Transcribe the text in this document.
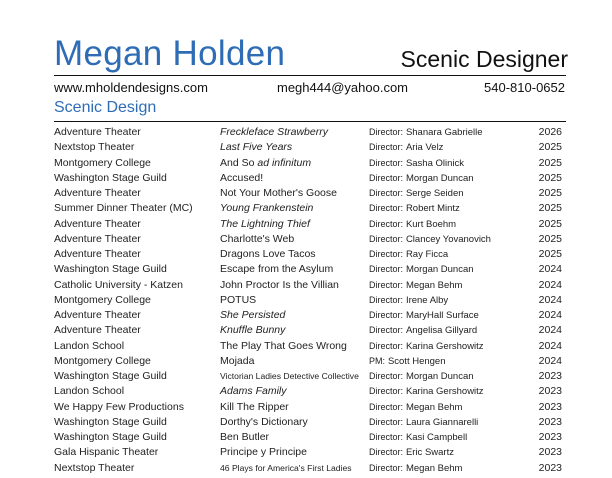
Megan Holden	Scenic Designer
www.mholdendesigns.com	megh444@yahoo.com	540-810-0652
Scenic Design
Adventure Theater	Freckleface Strawberry	Director: Shanara Gabrielle	2026
Nextstop Theater	Last Five Years	Director: Aria Velz	2025
Montgomery College	And So ad infinitum	Director: Sasha Olinick	2025
Washington Stage Guild	Accused!	Director: Morgan Duncan	2025
Adventure Theater	Not Your Mother's Goose	Director: Serge Seiden	2025
Summer Dinner Theater (MC)	Young Frankenstein	Director: Robert Mintz	2025
Adventure Theater	The Lightning Thief	Director: Kurt Boehm	2025
Adventure Theater	Charlotte's Web	Director: Clancey Yovanovich	2025
Adventure Theater	Dragons Love Tacos	Director: Ray Ficca	2025
Washington Stage Guild	Escape from the Asylum	Director: Morgan Duncan	2024
Catholic University - Katzen	John Proctor Is the Villian	Director: Megan Behm	2024
Montgomery College	POTUS	Director: Irene Alby	2024
Adventure Theater	She Persisted	Director: MaryHall Surface	2024
Adventure Theater	Knuffle Bunny	Director: Angelisa Gillyard	2024
Landon School	The Play That Goes Wrong Director: Karina Gershowitz	2024
Montgomery College	Mojada	PM: Scott Hengen	2024
Washington Stage Guild	Victorian Ladies Detective Collective Director: Morgan Duncan	2023
Landon School	Adams Family	Director: Karina Gershowitz	2023
We Happy Few Productions	Kill The Ripper	Director: Megan Behm	2023
Washington Stage Guild	Dorthy's Dictionary	Director: Laura Giannarelli	2023
Washington Stage Guild	Ben Butler	Director: Kasi Campbell	2023
Gala Hispanic Theater	Principe y Principe	Director: Eric Swartz	2023
Nextstop Theater	46 Plays for America's First Ladies Director: Megan Behm	2023
